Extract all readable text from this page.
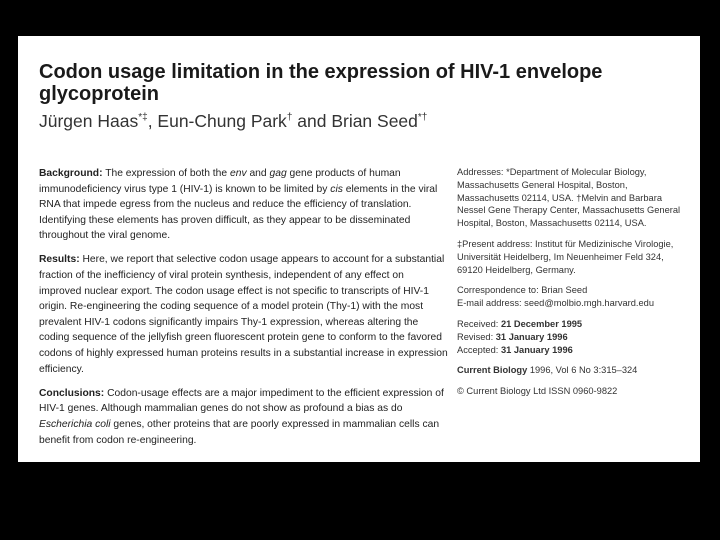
Codon usage limitation in the expression of HIV-1 envelope glycoprotein
Jürgen Haas*‡, Eun-Chung Park† and Brian Seed*†

Background: The expression of both the env and gag gene products of human immunodeficiency virus type 1 (HIV-1) is known to be limited by cis elements in the viral RNA that impede egress from the nucleus and reduce the efficiency of translation. Identifying these elements has proven difficult, as they appear to be disseminated throughout the viral genome.

Results: Here, we report that selective codon usage appears to account for a substantial fraction of the inefficiency of viral protein synthesis, independent of any effect on improved nuclear export. The codon usage effect is not specific to transcripts of HIV-1 origin. Re-engineering the coding sequence of a model protein (Thy-1) with the most prevalent HIV-1 codons significantly impairs Thy-1 expression, whereas altering the coding sequence of the jellyfish green fluorescent protein gene to conform to the favored codons of highly expressed human proteins results in a substantial increase in expression efficiency.

Conclusions: Codon-usage effects are a major impediment to the efficient expression of HIV-1 genes. Although mammalian genes do not show as profound a bias as do Escherichia coli genes, other proteins that are poorly expressed in mammalian cells can benefit from codon re-engineering.

Addresses: *Department of Molecular Biology, Massachusetts General Hospital, Boston, Massachusetts 02114, USA. †Melvin and Barbara Nessel Gene Therapy Center, Massachusetts General Hospital, Boston, Massachusetts 02114, USA.

‡Present address: Institut für Medizinische Virologie, Universität Heidelberg, Im Neuenheimer Feld 324, 69120 Heidelberg, Germany.

Correspondence to: Brian Seed
E-mail address: seed@molbio.mgh.harvard.edu

Received: 21 December 1995
Revised: 31 January 1996
Accepted: 31 January 1996

Current Biology 1996, Vol 6 No 3:315–324

© Current Biology Ltd ISSN 0960-9822
